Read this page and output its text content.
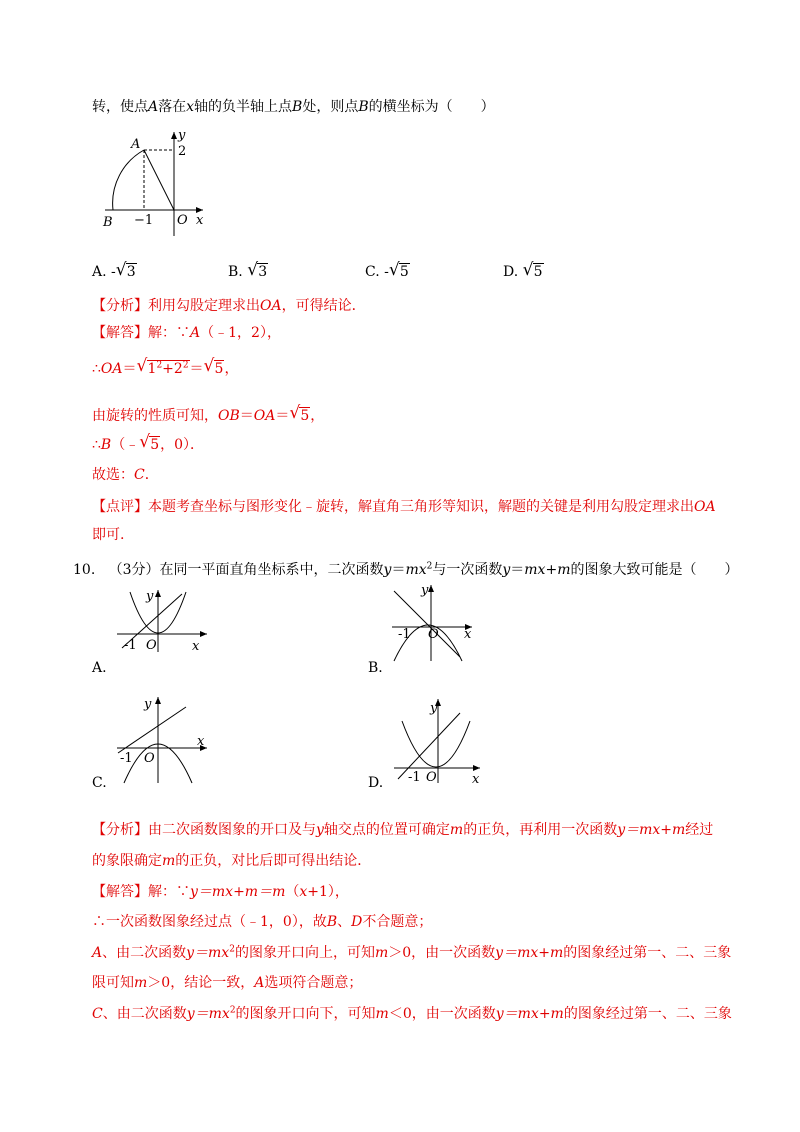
转，使点A落在x轴的负半轴上点B处，则点B的横坐标为（　　）
A
y
2
B −1 O x
A. -√ 3	B. √ 3	C. -√ 5	D. √ 5
【分析】利用勾股定理求出OA，可得结论．
【解答】解：∵A（﹣1，2），
∴OA＝√ $1^2+2^2=√$ 5，
由旋转的性质可知，OB＝OA＝√ 5，
∴B（﹣√ 5，0）．
故选：C．
【点评】本题考查坐标与图形变化﹣旋转，解直角三角形等知识，解题的关键是利用勾股定理求出OA
即可.
10. （3分）在同一平面直角坐标系中，二次函数$y=mx^2$与一次函数y＝mx+m的图象大致可能是（　　）
y
-1 O	x
A.
y
-1 O x
B.
y
-1 O
x
C.
y
-1 O	x
D.
【分析】由二次函数图象的开口及与y轴交点的位置可确定m的正负，再利用一次函数y＝mx+m经过
的象限确定m的正负，对比后即可得出结论．
【解答】解：∵y＝mx+m＝m（x+1），
∴一次函数图象经过点（﹣1，0），故B、D不合题意；
A、由二次函数$y=mx^2$的图象开口向上，可知m＞0，由一次函数y＝mx+m的图象经过第一、二、三象
限可知m＞0，结论一致，A选项符合题意；
C、由二次函数$y=mx^2$的图象开口向下，可知m＜0，由一次函数y＝mx+m的图象经过第一、二、三象
